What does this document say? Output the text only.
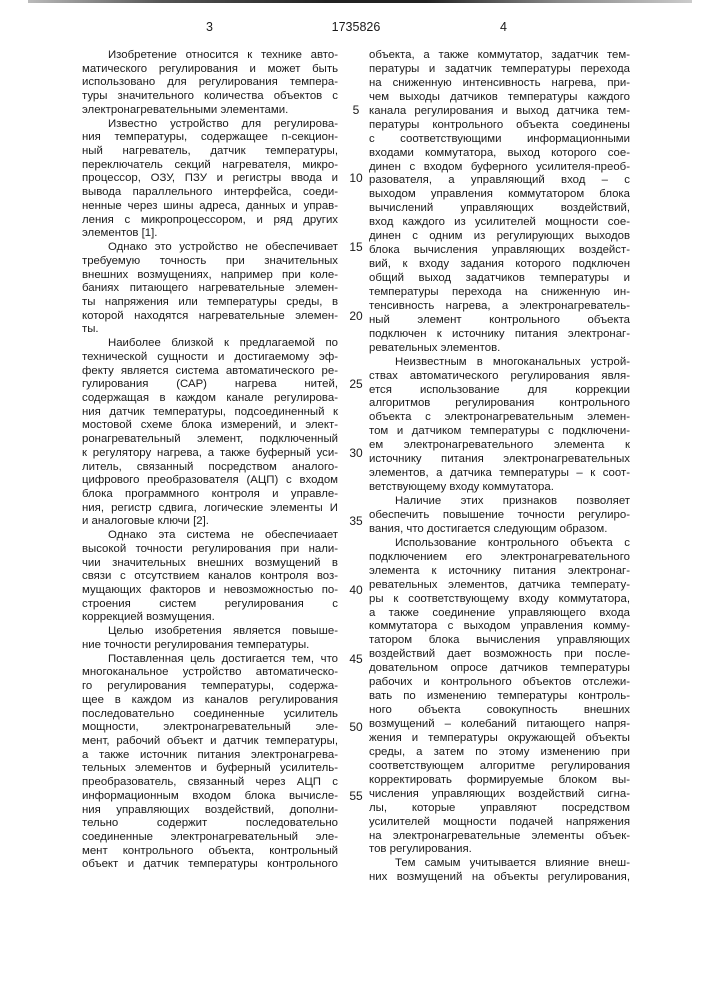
3	1735826	4
Изобретение относится к технике авто-
матического регулирования и может быть
использовано для регулирования темпера-
туры значительного количества объектов с
электронагревательными элементами.
Известно устройство для регулирова-
ния температуры, содержащее n-секцион-
ный нагреватель, датчик температуры,
переключатель секций нагревателя, микро-
процессор, ОЗУ, ПЗУ и регистры ввода и
вывода параллельного интерфейса, соеди-
ненные через шины адреса, данных и управ-
ления с микропроцессором, и ряд других
элементов [1].
Однако это устройство не обеспечивает
требуемую точность при значительных
внешних возмущениях, например при коле-
баниях питающего нагревательные элемен-
ты напряжения или температуры среды, в
которой находятся нагревательные элемен-
ты.
Наиболее близкой к предлагаемой по
технической сущности и достигаемому эф-
фекту является система автоматического ре-
гулирования (САР) нагрева нитей,
содержащая в каждом канале регулирова-
ния датчик температуры, подсоединенный к
мостовой схеме блока измерений, и элект-
ронагревательный элемент, подключенный
к регулятору нагрева, а также буферный уси-
литель, связанный посредством аналого-
цифрового преобразователя (АЦП) с входом
блока программного контроля и управле-
ния, регистр сдвига, логические элементы И
и аналоговые ключи [2].
Однако эта система не обеспечиаает
высокой точности регулирования при нали-
чии значительных внешних возмущений в
связи с отсутствием каналов контроля воз-
мущающих факторов и невозможностью по-
строения систем регулирования с
коррекцией возмущения.
Целью изобретения является повыше-
ние точности регулирования температуры.
Поставленная цель достигается тем, что
многоканальное устройство автоматическо-
го регулирования температуры, содержа-
щее в каждом из каналов регулирования
последовательно соединенные усилитель
мощности, электронагревательный эле-
мент, рабочий объект и датчик температуры,
а также источник питания электронагрева-
тельных элементов и буферный усилитель-
преобразователь, связанный через АЦП с
информационным входом блока вычисле-
ния управляющих воздействий, дополни-
тельно содержит последовательно
соединенные электронагревательный эле-
мент контрольного объекта, контрольный
объект и датчик температуры контрольного
5
10
15
20
25
30
35
40
45
50
55
объекта, а также коммутатор, задатчик тем-
пературы и задатчик температуры перехода
на сниженную интенсивность нагрева, при-
чем выходы датчиков температуры каждого
канала регулирования и выход датчика тем-
пературы контрольного объекта соединены
с соответствующими информационными
входами коммутатора, выход которого сое-
динен с входом буферного усилителя-преоб-
разователя, а управляющий вход – с
выходом управления коммутатором блока
вычислений управляющих воздействий,
вход каждого из усилителей мощности сое-
динен с одним из регулирующих выходов
блока вычисления управляющих воздейст-
вий, к входу задания которого подключен
общий выход задатчиков температуры и
температуры перехода на сниженную ин-
тенсивность нагрева, а электронагреватель-
ный элемент контрольного объекта
подключен к источнику питания электронаг-
ревательных элементов.
Неизвестным в многоканальных устрой-
ствах автоматического регулирования явля-
ется использование для коррекции
алгоритмов регулирования контрольного
объекта с электронагревательным элемен-
том и датчиком температуры с подключени-
ем электронагревательного элемента к
источнику питания электронагревательных
элементов, а датчика температуры – к соот-
ветствующему входу коммутатора.
Наличие этих признаков позволяет
обеспечить повышение точности регулиро-
вания, что достигается следующим образом.
Использование контрольного объекта с
подключением его электронагревательного
элемента к источнику питания электронаг-
ревательных элементов, датчика температу-
ры к соответствующему входу коммутатора,
а также соединение управляющего входа
коммутатора с выходом управления комму-
татором блока вычисления управляющих
воздействий дает возможность при после-
довательном опросе датчиков температуры
рабочих и контрольного объектов отслежи-
вать по изменению температуры контроль-
ного объекта совокупность внешних
возмущений – колебаний питающего напря-
жения и температуры окружающей объекты
среды, а затем по этому изменению при
соответствующем алгоритме регулирования
корректировать формируемые блоком вы-
числения управляющих воздействий сигна-
лы, которые управляют посредством
усилителей мощности подачей напряжения
на электронагревательные элементы объек-
тов регулирования.
Тем самым учитывается влияние внеш-
них возмущений на объекты регулирования,
